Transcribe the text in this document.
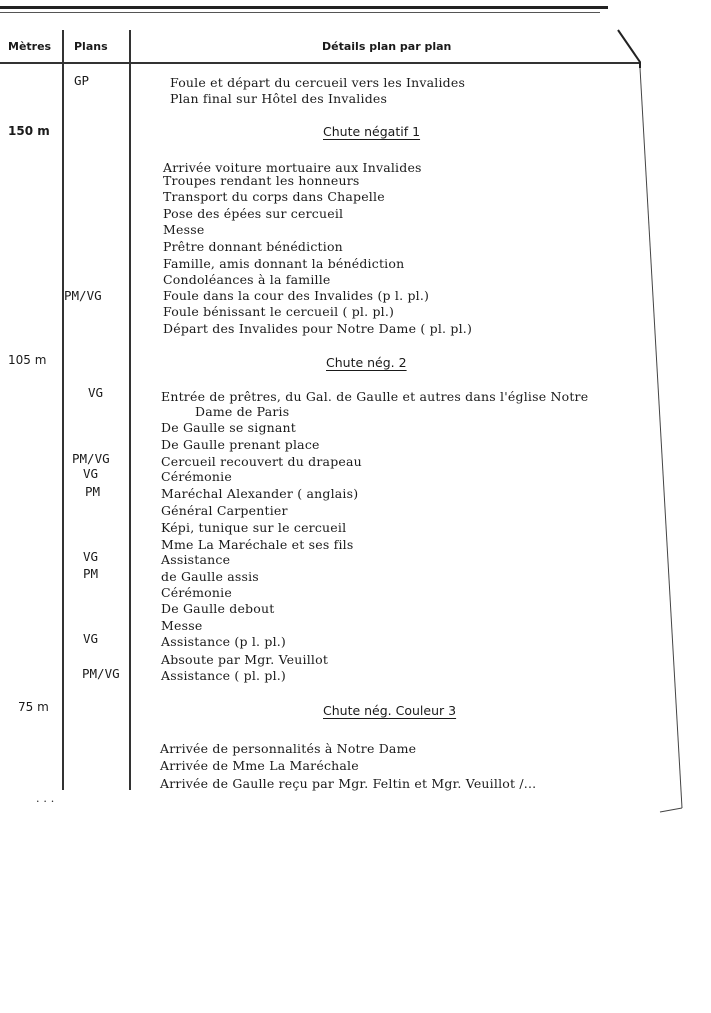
Mètres Plans	Détails plan par plan
GP	Foule et départ du cercueil vers les Invalides
Plan final sur Hôtel des Invalides
150 m	Chute négatif 1
Arrivée voiture mortuaire aux Invalides
Troupes rendant les honneurs
Transport du corps dans Chapelle
Pose des épées sur cercueil
Messe
Prêtre donnant bénédiction
Famille, amis donnant la bénédiction
Condoléances à la famille
PM/VG	Foule dans la cour des Invalides (p l. pl.)
Foule bénissant le cercueil ( pl. pl.)
Départ des Invalides pour Notre Dame ( pl. pl.)
105 m	Chute nég. 2
VG	Entrée de prêtres, du Gal. de Gaulle et autres dans l'église Notre
Dame de Paris
De Gaulle se signant
De Gaulle prenant place
PM/VG	Cercueil recouvert du drapeau
VG	Cérémonie
PM	Maréchal Alexander ( anglais)
Général Carpentier
Képi, tunique sur le cercueil
Mme La Maréchale et ses fils
VG	Assistance
PM	de Gaulle assis
Cérémonie
De Gaulle debout
Messe
VG	Assistance (p l. pl.)
Absoute par Mgr. Veuillot
PM/VG	Assistance ( pl. pl.)
75 m	Chute nég. Couleur 3
Arrivée de personnalités à Notre Dame
Arrivée de Mme La Maréchale
Arrivée de Gaulle reçu par Mgr. Feltin et Mgr. Veuillot /...
. . .
